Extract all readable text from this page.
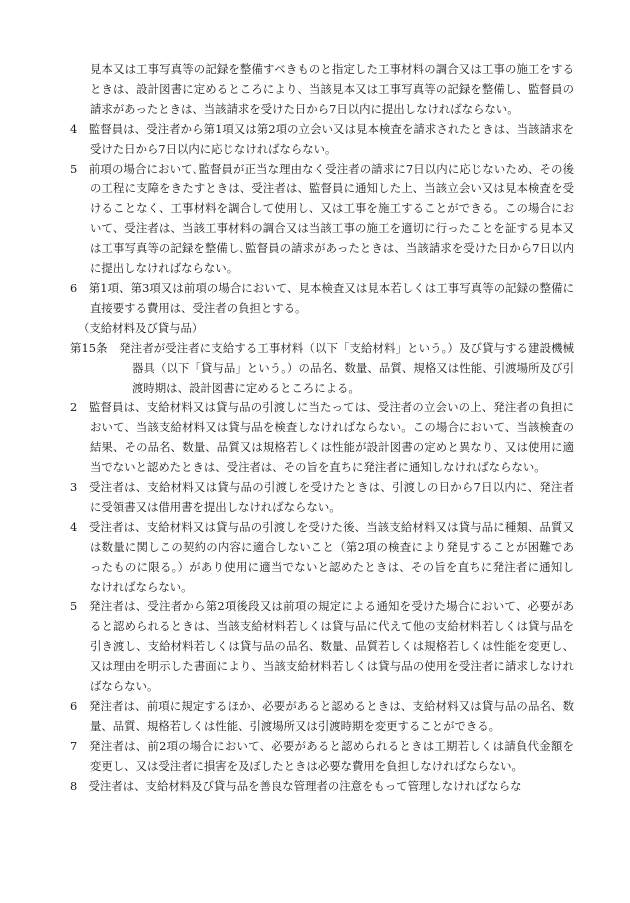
見本又は工事写真等の記録を整備すべきものと指定した工事材料の調合又は工事の施工をするときは、設計図書に定めるところにより、当該見本又は工事写真等の記録を整備し、監督員の請求があったときは、当該請求を受けた日から7日以内に提出しなければならない。

4　監督員は、受注者から第1項又は第2項の立会い又は見本検査を請求されたときは、当該請求を受けた日から7日以内に応じなければならない。

5　前項の場合において､監督員が正当な理由なく受注者の請求に7日以内に応じないため、その後の工程に支障をきたすときは、受注者は、監督員に通知した上、当該立会い又は見本検査を受けることなく、工事材料を調合して使用し、又は工事を施工することができる。この場合において、受注者は、当該工事材料の調合又は当該工事の施工を適切に行ったことを証する見本又は工事写真等の記録を整備し､監督員の請求があったときは、当該請求を受けた日から7日以内に提出しなければならない。

6　第1項、第3項又は前項の場合において、見本検査又は見本若しくは工事写真等の記録の整備に直接要する費用は、受注者の負担とする。

（支給材料及び貸与品）

第15条　発注者が受注者に支給する工事材料（以下「支給材料」という。）及び貸与する建設機械器具（以下「貸与品」という。）の品名、数量、品質、規格又は性能、引渡場所及び引渡時期は、設計図書に定めるところによる。

2　監督員は、支給材料又は貸与品の引渡しに当たっては、受注者の立会いの上、発注者の負担において、当該支給材料又は貸与品を検査しなければならない。この場合において、当該検査の結果、その品名、数量、品質又は規格若しくは性能が設計図書の定めと異なり、又は使用に適当でないと認めたときは、受注者は、その旨を直ちに発注者に通知しなければならない。

3　受注者は、支給材料又は貸与品の引渡しを受けたときは、引渡しの日から7日以内に、発注者に受領書又は借用書を提出しなければならない。

4　受注者は、支給材料又は貸与品の引渡しを受けた後、当該支給材料又は貸与品に種類、品質又は数量に関しこの契約の内容に適合しないこと（第2項の検査により発見することが困難であったものに限る。）があり使用に適当でないと認めたときは、その旨を直ちに発注者に通知しなければならない。

5　発注者は、受注者から第2項後段又は前項の規定による通知を受けた場合において、必要があると認められるときは、当該支給材料若しくは貸与品に代えて他の支給材料若しくは貸与品を引き渡し、支給材料若しくは貸与品の品名、数量、品質若しくは規格若しくは性能を変更し、又は理由を明示した書面により、当該支給材料若しくは貸与品の使用を受注者に請求しなければならない。

6　発注者は、前項に規定するほか、必要があると認めるときは、支給材料又は貸与品の品名、数量、品質、規格若しくは性能、引渡場所又は引渡時期を変更することができる。

7　発注者は、前2項の場合において、必要があると認められるときは工期若しくは請負代金額を変更し、又は受注者に損害を及ぼしたときは必要な費用を負担しなければならない。

8　受注者は、支給材料及び貸与品を善良な管理者の注意をもって管理しなければならな
